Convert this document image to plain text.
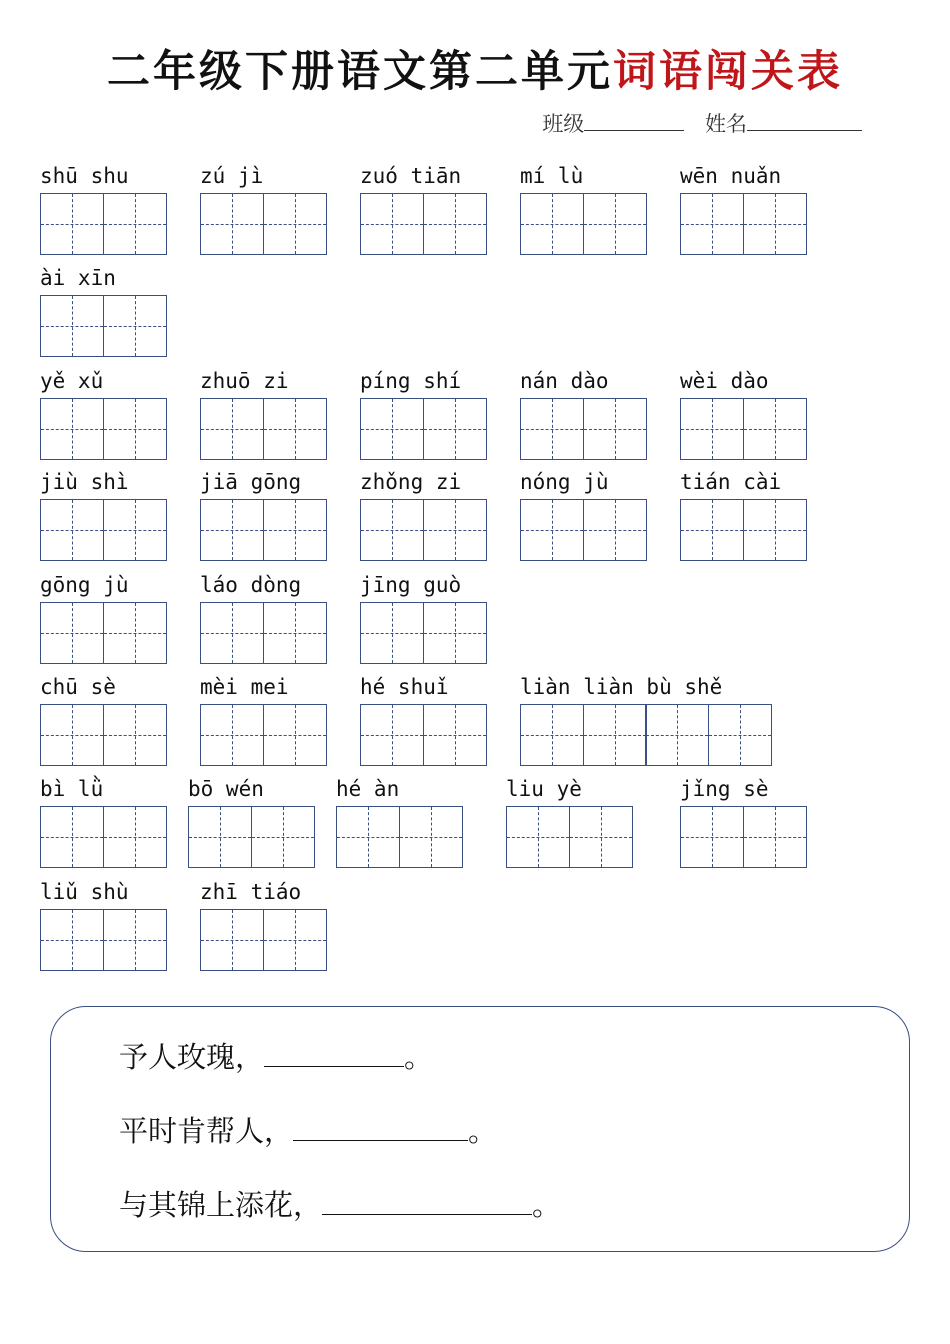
二年级下册语文第二单元词语闯关表
班级	姓名
shū shu	zú jì	zuó tiān	mí lù	wēn nuǎn
ài xīn
yě xǔ	zhuō zi	píng shí	nán dào	wèi dào
jiù shì	jiā gōng	zhǒng zi	nóng jù	tián cài
gōng jù	láo dòng	jīng guò
chū sè	mèi mei	hé shuǐ	liàn liàn bù shě
bì lǜ	bō wén	hé àn	liu yè	jǐng sè
liǔ shù	zhī tiáo
予人玫瑰，	。
平时肯帮人，	。
与其锦上添花，	。
